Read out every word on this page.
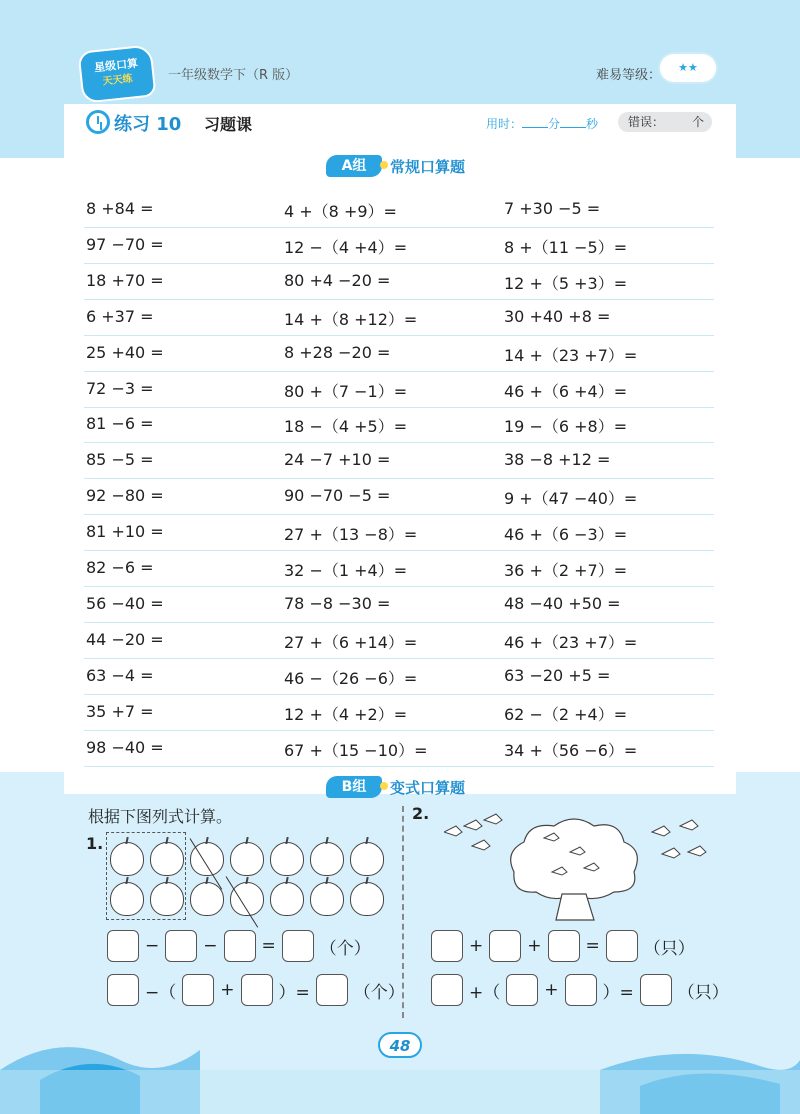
星级口算
天天练	一年级数学下（R 版）	难易等级：
★★
练习 10 习题课	用时： 分 秒	错误： 个
A组	常规口算题
8 +84 =	4 +（8 +9）=	7 +30 −5 =
97 −70 =	12 −（4 +4）=	8 +（11 −5）=
18 +70 =	80 +4 −20 =	12 +（5 +3）=
6 +37 =	14 +（8 +12）=	30 +40 +8 =
25 +40 =	8 +28 −20 =	14 +（23 +7）=
72 −3 =	80 +（7 −1）=	46 +（6 +4）=
81 −6 =	18 −（4 +5）=	19 −（6 +8）=
85 −5 =	24 −7 +10 =	38 −8 +12 =
92 −80 =	90 −70 −5 =	9 +（47 −40）=
81 +10 =	27 +（13 −8）=	46 +（6 −3）=
82 −6 =	32 −（1 +4）=	36 +（2 +7）=
56 −40 =	78 −8 −30 =	48 −40 +50 =
44 −20 =	27 +（6 +14）=	46 +（23 +7）=
63 −4 =	46 −（26 −6）=	63 −20 +5 =
35 +7 =	12 +（4 +2）=	62 −（2 +4）=
98 −40 =	67 +（15 −10）=	34 +（56 −6）=
B组	变式口算题
根据下图列式计算。
1.
2.
−	−	=	（个）
−（	+	）=	（个）
+	+	=	（只）
+（	+	）=	（只）
48
